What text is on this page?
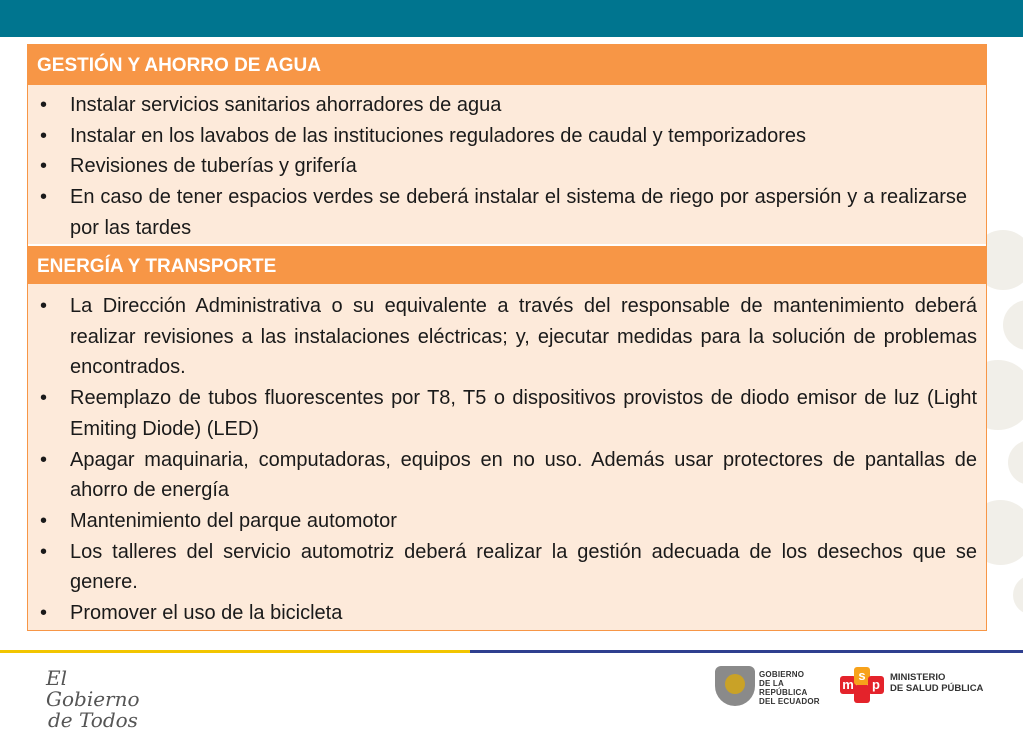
GESTIÓN Y AHORRO DE AGUA
• Instalar servicios sanitarios ahorradores de agua
• Instalar en los lavabos de las instituciones reguladores de caudal y temporizadores
• Revisiones de tuberías y grifería
• En caso de tener espacios verdes se deberá instalar el sistema de riego por aspersión y a realizarse por las tardes
ENERGÍA Y TRANSPORTE
• La Dirección Administrativa o su equivalente a través del responsable de mantenimiento deberá realizar revisiones a las instalaciones eléctricas; y, ejecutar medidas para la solución de problemas encontrados.
• Reemplazo de tubos fluorescentes por T8, T5 o dispositivos provistos de diodo emisor de luz (Light Emiting Diode) (LED)
• Apagar maquinaria, computadoras, equipos en no uso. Además usar protectores de pantallas de ahorro de energía
• Mantenimiento del parque automotor
• Los talleres del servicio automotriz deberá realizar la gestión adecuada de los desechos que se genere.
• Promover el uso de la bicicleta
El Gobierno
de Todos
GOBIERNO
DE LA REPÚBLICA
DEL ECUADOR
m
s
p	MINISTERIO
DE SALUD PÚBLICA
